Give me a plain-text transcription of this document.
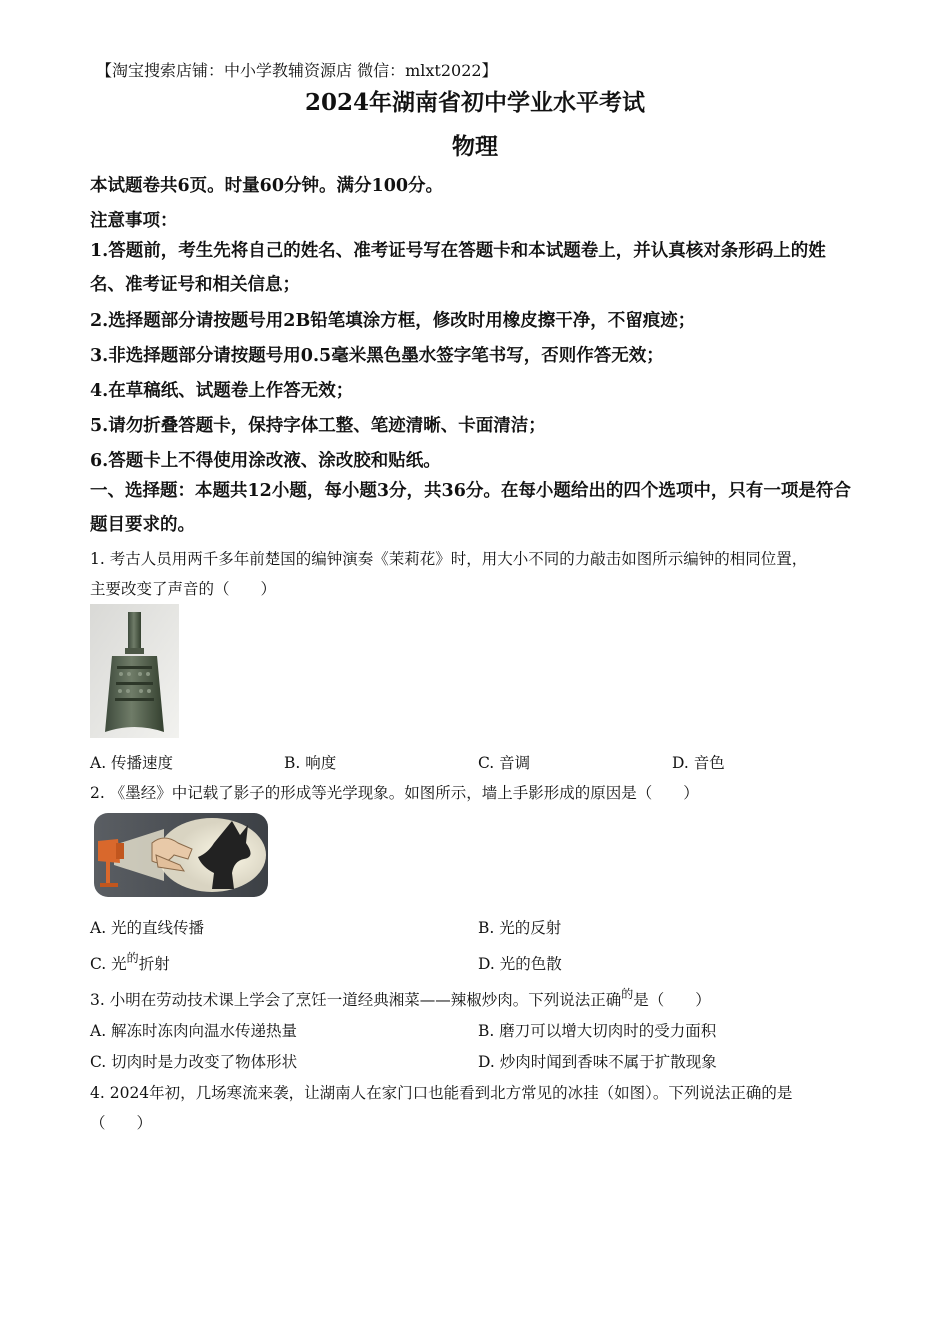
【淘宝搜索店铺：中小学教辅资源店 微信：mlxt2022】
2024年湖南省初中学业水平考试
物理
本试题卷共6页。时量60分钟。满分100分。
注意事项：
1.答题前，考生先将自己的姓名、准考证号写在答题卡和本试题卷上，并认真核对条形码上的姓名、准考证号和相关信息；
2.选择题部分请按题号用2B铅笔填涂方框，修改时用橡皮擦干净，不留痕迹；
3.非选择题部分请按题号用0.5毫米黑色墨水签字笔书写，否则作答无效；
4.在草稿纸、试题卷上作答无效；
5.请勿折叠答题卡，保持字体工整、笔迹清晰、卡面清洁；
6.答题卡上不得使用涂改液、涂改胶和贴纸。
一、选择题：本题共12小题，每小题3分，共36分。在每小题给出的四个选项中，只有一项是符合题目要求的。
1. 考古人员用两千多年前楚国的编钟演奏《茉莉花》时，用大小不同的力敲击如图所示编钟的相同位置，
主要改变了声音的（　　）
A. 传播速度	B. 响度	C. 音调	D. 音色
2. 《墨经》中记载了影子的形成等光学现象。如图所示，墙上手影形成的原因是（　　）
A. 光的直线传播	B. 光的反射
C. 光$^的$折射	D. 光的色散
3. 小明在劳动技术课上学会了烹饪一道经典湘菜——辣椒炒肉。下列说法正确$^的$是（　　）
A. 解冻时冻肉向温水传递热量	B. 磨刀可以增大切肉时的受力面积
C. 切肉时是力改变了物体形状	D. 炒肉时闻到香味不属于扩散现象
4. 2024年初，几场寒流来袭，让湖南人在家门口也能看到北方常见的冰挂（如图）。下列说法正确的是
（　　）
